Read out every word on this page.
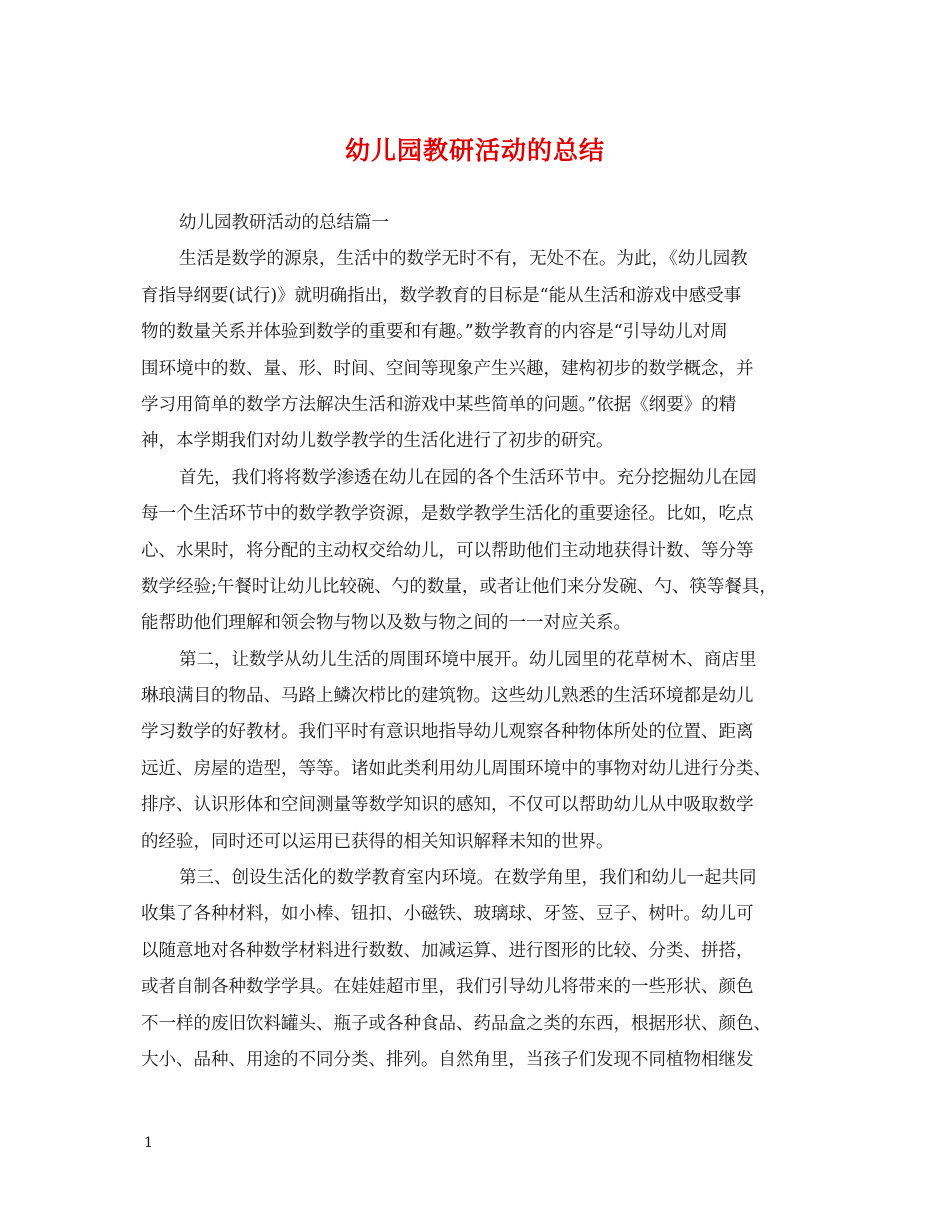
幼儿园教研活动的总结
幼儿园教研活动的总结篇一
生活是数学的源泉，生活中的数学无时不有，无处不在。为此，《幼儿园教
育指导纲要(试行)》就明确指出，数学教育的目标是“能从生活和游戏中感受事
物的数量关系并体验到数学的重要和有趣。”数学教育的内容是“引导幼儿对周
围环境中的数、量、形、时间、空间等现象产生兴趣，建构初步的数学概念，并
学习用简单的数学方法解决生活和游戏中某些简单的问题。”依据《纲要》的精
神，本学期我们对幼儿数学教学的生活化进行了初步的研究。
首先，我们将将数学渗透在幼儿在园的各个生活环节中。充分挖掘幼儿在园
每一个生活环节中的数学教学资源，是数学教学生活化的重要途径。比如，吃点
心、水果时，将分配的主动权交给幼儿，可以帮助他们主动地获得计数、等分等
数学经验;午餐时让幼儿比较碗、勺的数量，或者让他们来分发碗、勺、筷等餐具，
能帮助他们理解和领会物与物以及数与物之间的一一对应关系。
第二，让数学从幼儿生活的周围环境中展开。幼儿园里的花草树木、商店里
琳琅满目的物品、马路上鳞次栉比的建筑物。这些幼儿熟悉的生活环境都是幼儿
学习数学的好教材。我们平时有意识地指导幼儿观察各种物体所处的位置、距离
远近、房屋的造型，等等。诸如此类利用幼儿周围环境中的事物对幼儿进行分类、
排序、认识形体和空间测量等数学知识的感知，不仅可以帮助幼儿从中吸取数学
的经验，同时还可以运用已获得的相关知识解释未知的世界。
第三、创设生活化的数学教育室内环境。在数学角里，我们和幼儿一起共同
收集了各种材料，如小棒、钮扣、小磁铁、玻璃球、牙签、豆子、树叶。幼儿可
以随意地对各种数学材料进行数数、加减运算、进行图形的比较、分类、拼搭，
或者自制各种数学学具。在娃娃超市里，我们引导幼儿将带来的一些形状、颜色
不一样的废旧饮料罐头、瓶子或各种食品、药品盒之类的东西，根据形状、颜色、
大小、品种、用途的不同分类、排列。自然角里，当孩子们发现不同植物相继发
1
